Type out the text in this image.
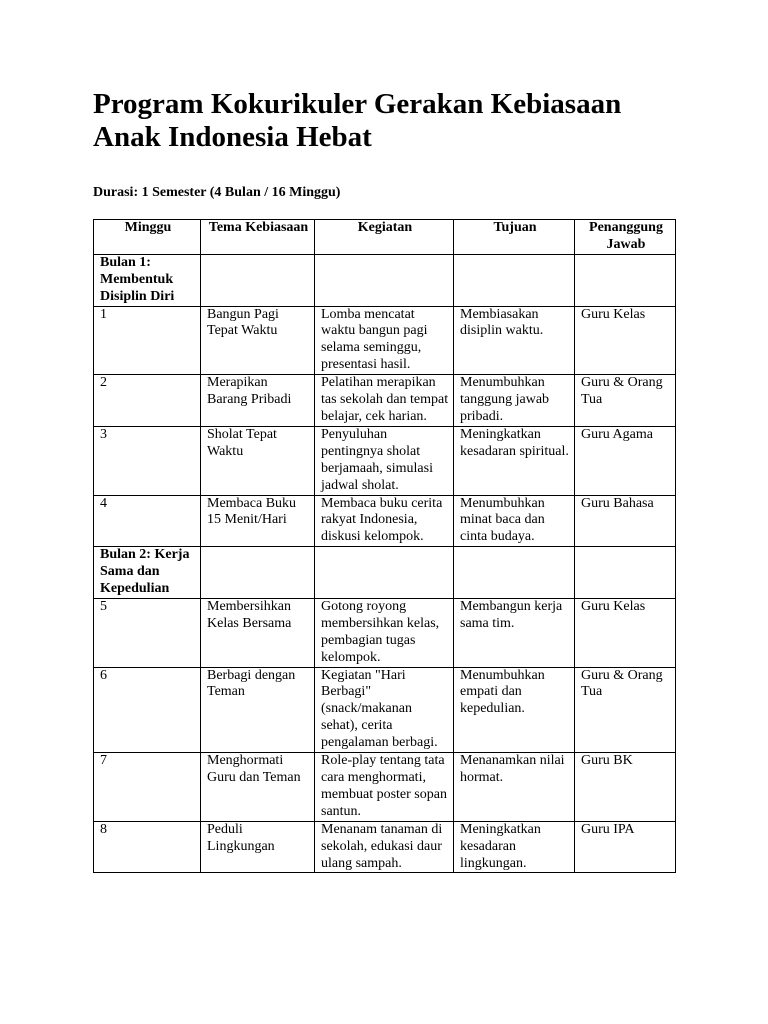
Program Kokurikuler Gerakan Kebiasaan Anak Indonesia Hebat

Durasi: 1 Semester (4 Bulan / 16 Minggu)

Minggu	Tema Kebiasaan	Kegiatan	Tujuan	Penanggung Jawab
Bulan 1: Membentuk Disiplin Diri				
1	Bangun Pagi Tepat Waktu	Lomba mencatat waktu bangun pagi selama seminggu, presentasi hasil.	Membiasakan disiplin waktu.	Guru Kelas
2	Merapikan Barang Pribadi	Pelatihan merapikan tas sekolah dan tempat belajar, cek harian.	Menumbuhkan tanggung jawab pribadi.	Guru & Orang Tua
3	Sholat Tepat Waktu	Penyuluhan pentingnya sholat berjamaah, simulasi jadwal sholat.	Meningkatkan kesadaran spiritual.	Guru Agama
4	Membaca Buku 15 Menit/Hari	Membaca buku cerita rakyat Indonesia, diskusi kelompok.	Menumbuhkan minat baca dan cinta budaya.	Guru Bahasa
Bulan 2: Kerja Sama dan Kepedulian				
5	Membersihkan Kelas Bersama	Gotong royong membersihkan kelas, pembagian tugas kelompok.	Membangun kerja sama tim.	Guru Kelas
6	Berbagi dengan Teman	Kegiatan "Hari Berbagi" (snack/makanan sehat), cerita pengalaman berbagi.	Menumbuhkan empati dan kepedulian.	Guru & Orang Tua
7	Menghormati Guru dan Teman	Role-play tentang tata cara menghormati, membuat poster sopan santun.	Menanamkan nilai hormat.	Guru BK
8	Peduli Lingkungan	Menanam tanaman di sekolah, edukasi daur ulang sampah.	Meningkatkan kesadaran lingkungan.	Guru IPA
